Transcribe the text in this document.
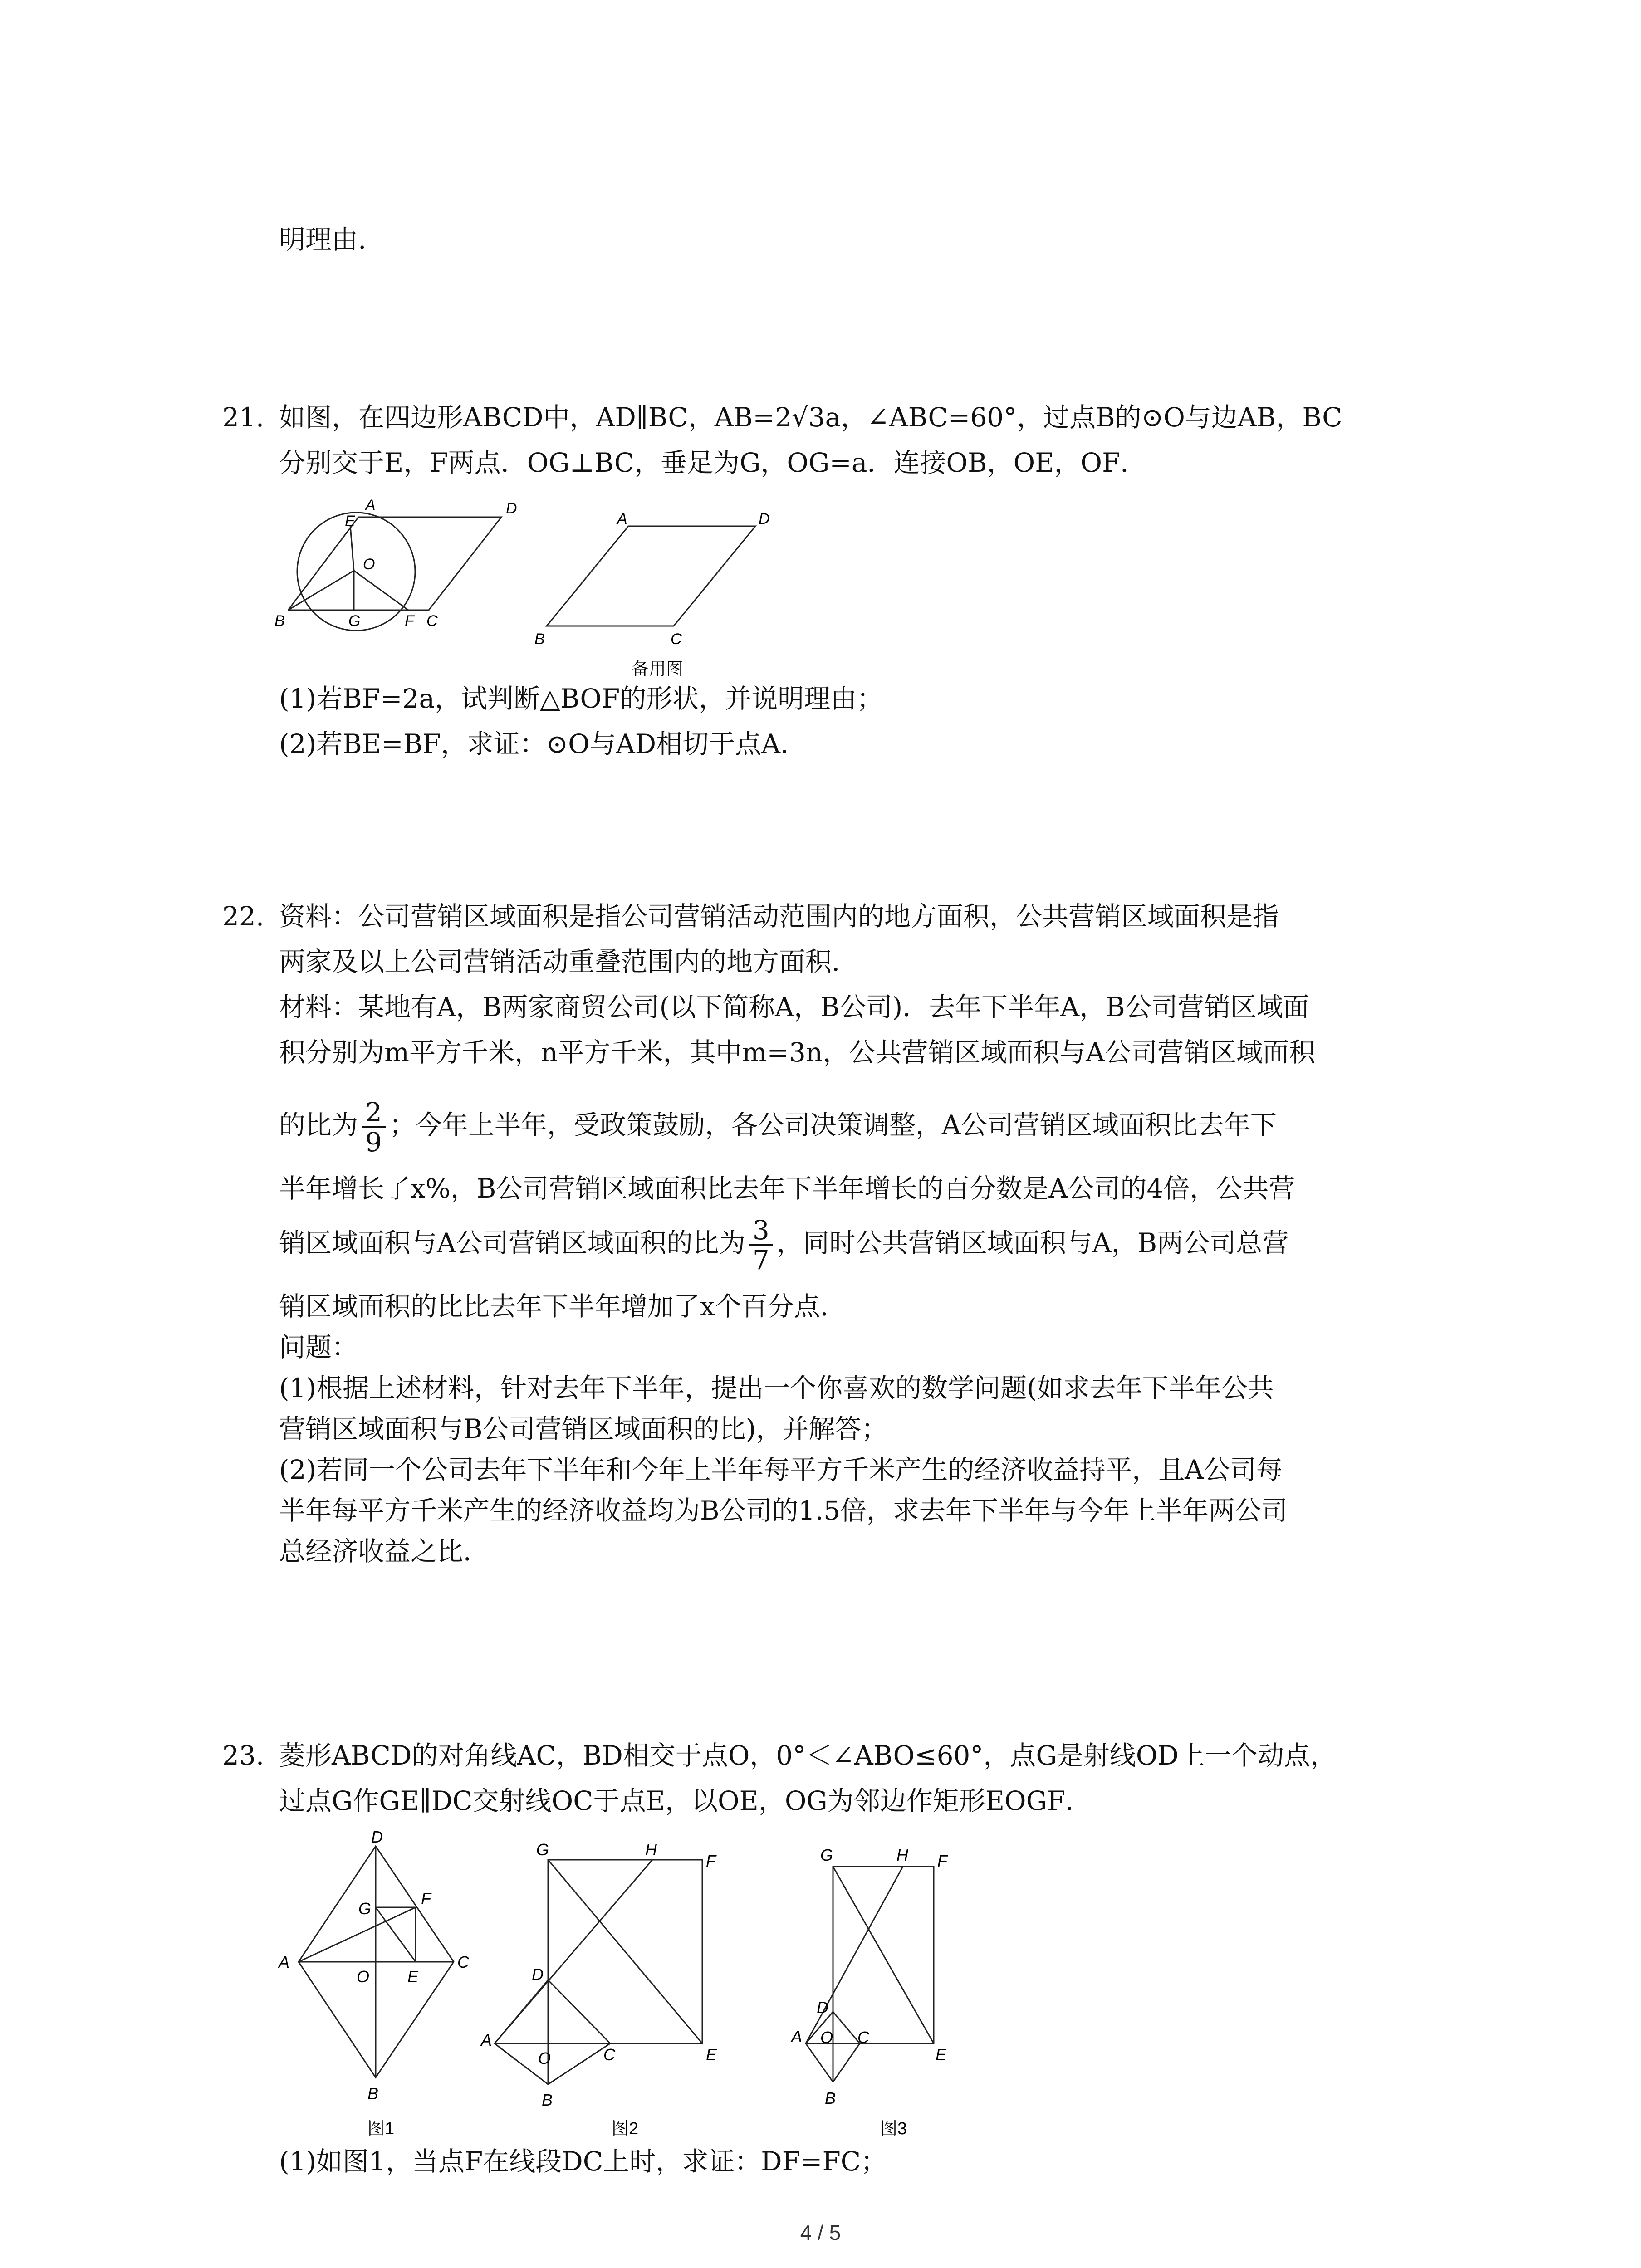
明理由.
21. 如图，在四边形ABCD中，AD∥BC，AB=2√3a，∠ABC=60°，过点B的⊙O与边AB，BC
分别交于E，F两点．OG⊥BC，垂足为G，OG=a．连接OB，OE，OF．
A	D
E
O
B	G	F C
A	D
B	C
备用图
(1)若BF=2a，试判断△BOF的形状，并说明理由；
(2)若BE=BF，求证：⊙O与AD相切于点A．
22. 资料：公司营销区域面积是指公司营销活动范围内的地方面积，公共营销区域面积是指
两家及以上公司营销活动重叠范围内的地方面积．
材料：某地有A，B两家商贸公司(以下简称A，B公司)．去年下半年A，B公司营销区域面
积分别为m平方千米，n平方千米，其中m=3n，公共营销区域面积与A公司营销区域面积
的比为 $\frac{2}{9}$ ；今年上半年，受政策鼓励，各公司决策调整，A公司营销区域面积比去年下
半年增长了x%，B公司营销区域面积比去年下半年增长的百分数是A公司的4倍，公共营
销区域面积与A公司营销区域面积的比为 $\frac{3}{7}$ ，同时公共营销区域面积与A，B两公司总营
销区域面积的比比去年下半年增加了x个百分点．
问题：
(1)根据上述材料，针对去年下半年，提出一个你喜欢的数学问题(如求去年下半年公共
营销区域面积与B公司营销区域面积的比)，并解答；
(2)若同一个公司去年下半年和今年上半年每平方千米产生的经济收益持平，且A公司每
半年每平方千米产生的经济收益均为B公司的1.5倍，求去年下半年与今年上半年两公司
总经济收益之比．
23. 菱形ABCD的对角线AC，BD相交于点O，0°＜∠ABO≤60°，点G是射线OD上一个动点，
过点G作GE∥DC交射线OC于点E，以OE，OG为邻边作矩形EOGF．
D
G
F
A
O E
C
B
图1
G	H
F
D
A
O	C	E
B
图2
G	H F
D
A O C
E
B
图3
(1)如图1，当点F在线段DC上时，求证：DF=FC；
4 / 5
